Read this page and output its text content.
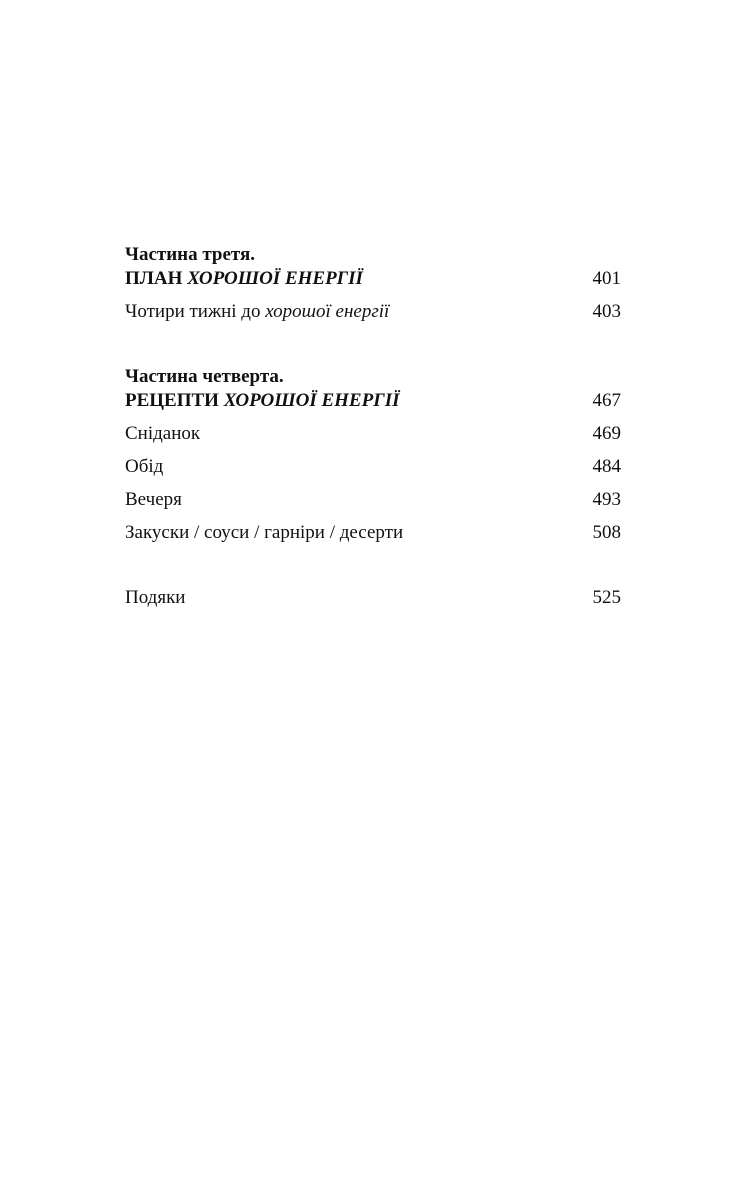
Частина третя.
ПЛАН ХОРОШОЇ ЕНЕРГІЇ	401
Чотири тижні до хорошої енергії	403
Частина четверта.
РЕЦЕПТИ ХОРОШОЇ ЕНЕРГІЇ	467
Сніданок	469
Обід	484
Вечеря	493
Закуски / соуси / гарніри / десерти	508
Подяки	525
